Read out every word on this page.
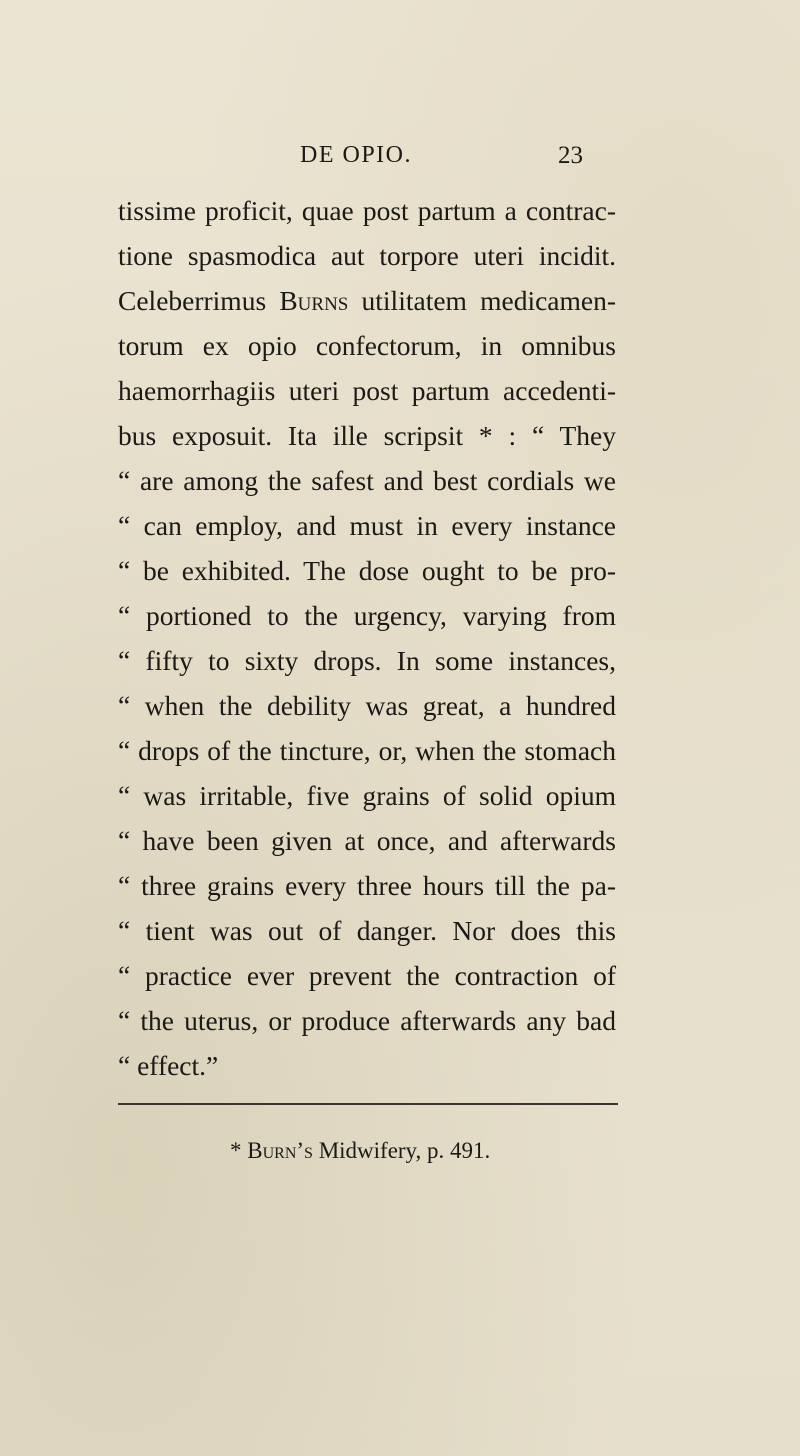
DE OPIO.	23
tissime proficit, quae post partum a contrac-
tione spasmodica aut torpore uteri incidit.
Celeberrimus Burns utilitatem medicamen-
torum ex opio confectorum, in omnibus
haemorrhagiis uteri post partum accedenti-
bus exposuit. Ita ille scripsit * : “ They
“ are among the safest and best cordials we
“ can employ, and must in every instance
“ be exhibited. The dose ought to be pro-
“ portioned to the urgency, varying from
“ fifty to sixty drops. In some instances,
“ when the debility was great, a hundred
“ drops of the tincture, or, when the stomach
“ was irritable, five grains of solid opium
“ have been given at once, and afterwards
“ three grains every three hours till the pa-
“ tient was out of danger. Nor does this
“ practice ever prevent the contraction of
“ the uterus, or produce afterwards any bad
“ effect.”
* Burn’s Midwifery, p. 491.
